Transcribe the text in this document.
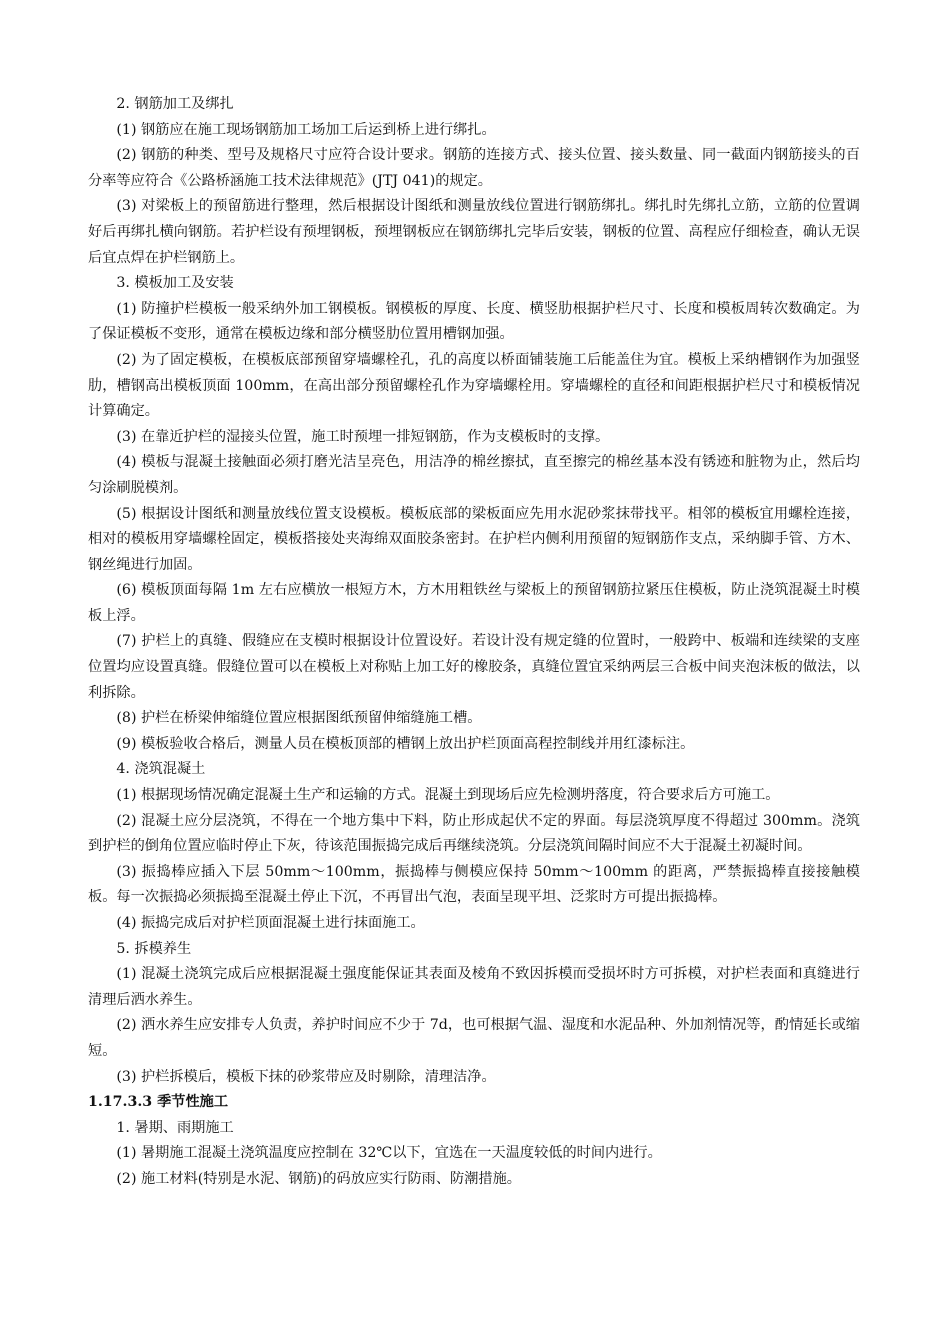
2. 钢筋加工及绑扎

(1) 钢筋应在施工现场钢筋加工场加工后运到桥上进行绑扎。

(2) 钢筋的种类、型号及规格尺寸应符合设计要求。钢筋的连接方式、接头位置、接头数量、同一截面内钢筋接头的百分率等应符合《公路桥涵施工技术法律规范》(JTJ 041)的规定。

(3) 对梁板上的预留筋进行整理，然后根据设计图纸和测量放线位置进行钢筋绑扎。绑扎时先绑扎立筋，立筋的位置调好后再绑扎横向钢筋。若护栏设有预埋钢板，预埋钢板应在钢筋绑扎完毕后安装，钢板的位置、高程应仔细检查，确认无误后宜点焊在护栏钢筋上。

3. 模板加工及安装

(1) 防撞护栏模板一般采纳外加工钢模板。钢模板的厚度、长度、横竖肋根据护栏尺寸、长度和模板周转次数确定。为了保证模板不变形，通常在模板边缘和部分横竖肋位置用槽钢加强。

(2) 为了固定模板，在模板底部预留穿墙螺栓孔，孔的高度以桥面铺装施工后能盖住为宜。模板上采纳槽钢作为加强竖肋，槽钢高出模板顶面 100mm，在高出部分预留螺栓孔作为穿墙螺栓用。穿墙螺栓的直径和间距根据护栏尺寸和模板情况计算确定。

(3) 在靠近护栏的湿接头位置，施工时预埋一排短钢筋，作为支模板时的支撑。

(4) 模板与混凝土接触面必须打磨光洁呈亮色，用洁净的棉丝擦拭，直至擦完的棉丝基本没有锈迹和脏物为止，然后均匀涂刷脱模剂。

(5) 根据设计图纸和测量放线位置支设模板。模板底部的梁板面应先用水泥砂浆抹带找平。相邻的模板宜用螺栓连接，相对的模板用穿墙螺栓固定，模板搭接处夹海绵双面胶条密封。在护栏内侧利用预留的短钢筋作支点，采纳脚手管、方木、钢丝绳进行加固。

(6) 模板顶面每隔 1m 左右应横放一根短方木，方木用粗铁丝与梁板上的预留钢筋拉紧压住模板，防止浇筑混凝土时模板上浮。

(7) 护栏上的真缝、假缝应在支模时根据设计位置设好。若设计没有规定缝的位置时，一般跨中、板端和连续梁的支座位置均应设置真缝。假缝位置可以在模板上对称贴上加工好的橡胶条，真缝位置宜采纳两层三合板中间夹泡沫板的做法，以利拆除。

(8) 护栏在桥梁伸缩缝位置应根据图纸预留伸缩缝施工槽。

(9) 模板验收合格后，测量人员在模板顶部的槽钢上放出护栏顶面高程控制线并用红漆标注。

4. 浇筑混凝土

(1) 根据现场情况确定混凝土生产和运输的方式。混凝土到现场后应先检测坍落度，符合要求后方可施工。

(2) 混凝土应分层浇筑，不得在一个地方集中下料，防止形成起伏不定的界面。每层浇筑厚度不得超过 300mm。浇筑到护栏的倒角位置应临时停止下灰，待该范围振捣完成后再继续浇筑。分层浇筑间隔时间应不大于混凝土初凝时间。

(3) 振捣棒应插入下层 50mm～100mm，振捣棒与侧模应保持 50mm～100mm 的距离，严禁振捣棒直接接触模板。每一次振捣必须振捣至混凝土停止下沉，不再冒出气泡，表面呈现平坦、泛浆时方可提出振捣棒。

(4) 振捣完成后对护栏顶面混凝土进行抹面施工。

5. 拆模养生

(1) 混凝土浇筑完成后应根据混凝土强度能保证其表面及棱角不致因拆模而受损坏时方可拆模，对护栏表面和真缝进行清理后洒水养生。

(2) 洒水养生应安排专人负责，养护时间应不少于 7d，也可根据气温、湿度和水泥品种、外加剂情况等，酌情延长或缩短。

(3) 护栏拆模后，模板下抹的砂浆带应及时剔除，清理洁净。

1.17.3.3 季节性施工

1. 暑期、雨期施工

(1) 暑期施工混凝土浇筑温度应控制在 32℃以下，宜选在一天温度较低的时间内进行。

(2) 施工材料(特别是水泥、钢筋)的码放应实行防雨、防潮措施。
